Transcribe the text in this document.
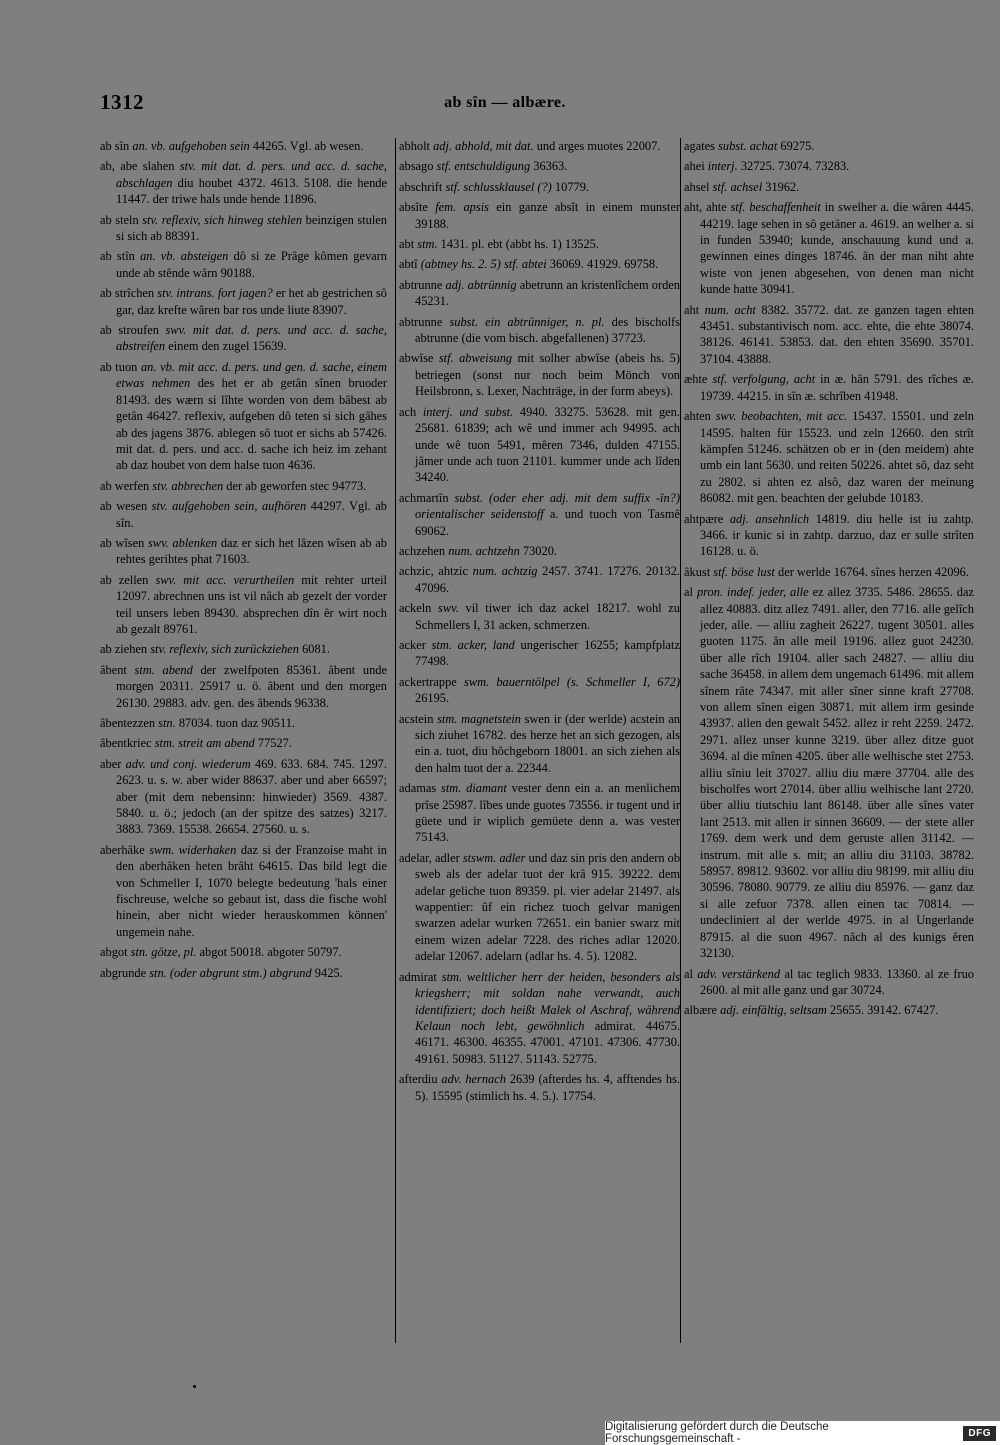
1312	ab sîn — albære.
ab sîn an. vb. aufgehoben sein 44265. Vgl. ab wesen.
ab, abe slahen stv. mit dat. d. pers. und acc. d. sache, abschlagen diu houbet 4372. 4613. 5108. die hende 11447. der triwe hals unde hende 11896.
ab steln stv. reflexiv, sich hinweg stehlen beinzigen stulen si sich ab 88391.
ab stîn an. vb. absteigen dô si ze Prâge kômen gevarn unde ab stênde wârn 90188.
ab strîchen stv. intrans. fort jagen? er het ab gestrichen sô gar, daz krefte wâren bar ros unde liute 83907.
ab stroufen swv. mit dat. d. pers. und acc. d. sache, abstreifen einem den zugel 15639.
ab tuon an. vb. mit acc. d. pers. und gen. d. sache, einem etwas nehmen des het er ab getân sînen bruoder 81493. des wærn si lîhte worden von dem bâbest ab getân 46427. reflexiv, aufgeben dô teten si sich gâhes ab des jagens 3876. ablegen sô tuot er sichs ab 57426. mit dat. d. pers. und acc. d. sache ich heiz im zehant ab daz houbet von dem halse tuon 4636.
ab werfen stv. abbrechen der ab geworfen stec 94773.
ab wesen stv. aufgehoben sein, aufhören 44297. Vgl. ab sîn.
ab wîsen swv. ablenken daz er sich het lâzen wîsen ab ab rehtes gerihtes phat 71603.
ab zellen swv. mit acc. verurtheilen mit rehter urteil 12097. abrechnen uns ist vil nâch ab gezelt der vorder teil unsers leben 89430. absprechen dîn êr wirt noch ab gezalt 89761.
ab ziehen stv. reflexiv, sich zurückziehen 6081.
âbent stm. abend der zwelfpoten 85361. âbent unde morgen 20311. 25917 u. ö. âbent und den morgen 26130. 29883. adv. gen. des âbends 96338.
âbentezzen stn. 87034. tuon daz 90511.
âbentkriec stm. streit am abend 77527.
aber adv. und conj. wiederum 469. 633. 684. 745. 1297. 2623. u. s. w. aber wider 88637. aber und aber 66597; aber (mit dem nebensinn: hinwieder) 3569. 4387. 5840. u. ö.; jedoch (an der spitze des satzes) 3217. 3883. 7369. 15538. 26654. 27560. u. s.
aberhâke swm. widerhaken daz si der Franzoise maht in den aberhâken heten brâht 64615. Das bild legt die von Schmeller I, 1070 belegte bedeutung 'hals einer fischreuse, welche so gebaut ist, dass die fische wohl hinein, aber nicht wieder herauskommen können' ungemein nahe.
abgot stn. götze, pl. abgot 50018. abgoter 50797.
abgrunde stn. (oder abgrunt stm.) abgrund 9425.
abholt adj. abhold, mit dat. und arges muotes 22007.
absago stf. entschuldigung 36363.
abschrift stf. schlussklausel (?) 10779.
absîte fem. apsis ein ganze absît in einem munster 39188.
abt stm. 1431. pl. ebt (abbt hs. 1) 13525.
abtî (abtney hs. 2. 5) stf. abtei 36069. 41929. 69758.
abtrunne adj. abtrünnig abetrunn an kristenlîchem orden 45231.
abtrunne subst. ein abtrünniger, n. pl. des bischolfs abtrunne (die vom bisch. abgefallenen) 37723.
abwîse stf. abweisung mit solher abwîse (abeis hs. 5) betriegen (sonst nur noch beim Mönch von Heilsbronn, s. Lexer, Nachträge, in der form abeys).
ach interj. und subst. 4940. 33275. 53628. mit gen. 25681. 61839; ach wê und immer ach 94995. ach unde wê tuon 5491, mêren 7346, dulden 47155. jâmer unde ach tuon 21101. kummer unde ach lîden 34240.
achmartîn subst. (oder eher adj. mit dem suffix -în?) orientalischer seidenstoff a. und tuoch von Tasmê 69062.
achzehen num. achtzehn 73020.
achzic, ahtzic num. achtzig 2457. 3741. 17276. 20132. 47096.
ackeln swv. vil tiwer ich daz ackel 18217. wohl zu Schmellers I, 31 acken, schmerzen.
acker stm. acker, land ungerischer 16255; kampfplatz 77498.
ackertrappe swm. bauerntölpel (s. Schmeller I, 672) 26195.
acstein stm. magnetstein swen ir (der werlde) acstein an sich ziuhet 16782. des herze het an sich gezogen, als ein a. tuot, diu hôchgeborn 18001. an sich ziehen als den halm tuot der a. 22344.
adamas stm. diamant vester denn ein a. an menlichem prîse 25987. lîbes unde guotes 73556. ir tugent und ir güete und ir wiplich gemüete denn a. was vester 75143.
adelar, adler stswm. adler und daz sin pris den andern ob sweb als der adelar tuot der krâ 915. 39222. dem adelar geliche tuon 89359. pl. vier adelar 21497. als wappentier: ûf ein richez tuoch gelvar manigen swarzen adelar wurken 72651. ein banier swarz mit einem wizen adelar 7228. des riches adlar 12020. adelar 12067. adelarn (adlar hs. 4. 5). 12082.
admirat stm. weltlicher herr der heiden, besonders als kriegsherr; mit soldan nahe verwandt, auch identifiziert; doch heißt Malek ol Aschraf, während Kelaun noch lebt, gewöhnlich admirat. 44675. 46171. 46300. 46355. 47001. 47101. 47306. 47730. 49161. 50983. 51127. 51143. 52775.
afterdiu adv. hernach 2639 (afterdes hs. 4, afftendes hs. 5). 15595 (stimlich hs. 4. 5.). 17754.
agates subst. achat 69275.
ahei interj. 32725. 73074. 73283.
ahsel stf. achsel 31962.
aht, ahte stf. beschaffenheit in swelher a. die wâren 4445. 44219. lage sehen in sô getâner a. 4619. an welher a. si in funden 53940; kunde, anschauung kund und a. gewinnen eines dinges 18746. ân der man niht ahte wiste von jenen abgesehen, von denen man nicht kunde hatte 30941.
aht num. acht 8382. 35772. dat. ze ganzen tagen ehten 43451. substantivisch nom. acc. ehte, die ehte 38074. 38126. 46141. 53853. dat. den ehten 35690. 35701. 37104. 43888.
æhte stf. verfolgung, acht in æ. hân 5791. des rîches æ. 19739. 44215. in sîn æ. schrîben 41948.
ahten swv. beobachten, mit acc. 15437. 15501. und zeln 14595. halten für 15523. und zeln 12660. den strît kämpfen 51246. schätzen ob er in (den meidem) ahte umb ein lant 5630. und reiten 50226. ahtet sô, daz seht zu 2802. si ahten ez alsô, daz waren der meinung 86082. mit gen. beachten der gelubde 10183.
ahtpære adj. ansehnlich 14819. diu helle ist iu zahtp. 3466. ir kunic si in zahtp. darzuo, daz er sulle strîten 16128. u. ö.
âkust stf. böse lust der werlde 16764. sînes herzen 42096.
al pron. indef. jeder, alle ez allez 3735. 5486. 28655. daz allez 40883. ditz allez 7491. aller, den 7716. alle gelîch jeder, alle. — alliu zagheit 26227. tugent 30501. alles guoten 1175. ân alle meil 19196. allez guot 24230. über alle rîch 19104. aller sach 24827. — alliu diu sache 36458. in allem dem ungemach 61496. mit allem sînem râte 74347. mit aller sîner sinne kraft 27708. von allem sînen eigen 30871. mit allem irm gesinde 43937. allen den gewalt 5452. allez ir reht 2259. 2472. 2971. allez unser kunne 3219. über allez ditze guot 3694. al die mînen 4205. über alle welhische stet 2753. alliu sîniu leit 37027. alliu diu mære 37704. alle des bischolfes wort 27014. über alliu welhische lant 2720. über alliu tiutschiu lant 86148. über alle sînes vater lant 2513. mit allen ir sinnen 36609. — der stete aller 1769. dem werk und dem geruste allen 31142. — instrum. mit alle s. mit; an alliu diu 31103. 38782. 58957. 89812. 93602. vor alliu diu 98199. mit alliu diu 30596. 78080. 90779. ze alliu diu 85976. — ganz daz si alle zefuor 7378. allen einen tac 70814. — undecliniert al der werlde 4975. in al Ungerlande 87915. al die suon 4967. nâch al des kunigs êren 32130.
al adv. verstärkend al tac teglich 9833. 13360. al ze fruo 2600. al mit alle ganz und gar 30724.
albære adj. einfältig, seltsam 25655. 39142. 67427.
Digitalisierung gefördert durch die Deutsche Forschungsgemeinschaft -	DFG
